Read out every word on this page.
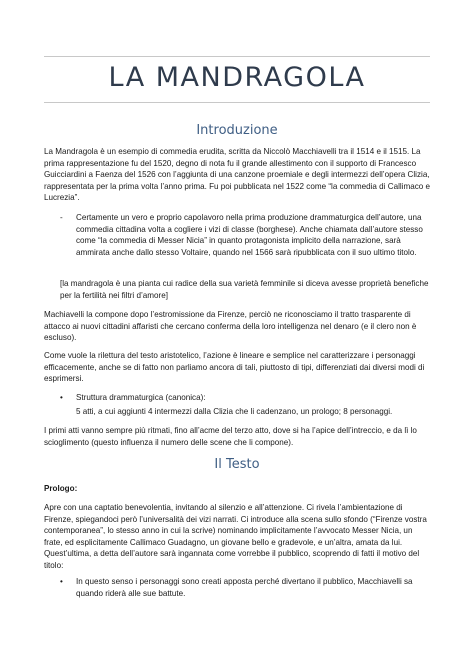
LA MANDRAGOLA
Introduzione

La Mandragola è un esempio di commedia erudita, scritta da Niccolò Macchiavelli tra il 1514 e il 1515. La prima rappresentazione fu del 1520, degno di nota fu il grande allestimento con il supporto di Francesco Guicciardini a Faenza del 1526 con l’aggiunta di una canzone proemiale e degli intermezzi dell’opera Clizia, rappresentata per la prima volta l’anno prima. Fu poi pubblicata nel 1522 come “la commedia di Callimaco e Lucrezia”.

-	Certamente un vero e proprio capolavoro nella prima produzione drammaturgica dell’autore, una commedia cittadina volta a cogliere i vizi di classe (borghese). Anche chiamata dall’autore stesso come “la commedia di Messer Nicia” in quanto protagonista implicito della narrazione, sarà ammirata anche dallo stesso Voltaire, quando nel 1566 sarà ripubblicata con il suo ultimo titolo.

[la mandragola è una pianta cui radice della sua varietà femminile si diceva avesse proprietà benefiche per la fertilità nei filtri d’amore]

Machiavelli la compone dopo l’estromissione da Firenze, perciò ne riconosciamo il tratto trasparente di attacco ai nuovi cittadini affaristi che cercano conferma della loro intelligenza nel denaro (e il clero non è escluso).

Come vuole la rilettura del testo aristotelico, l’azione è lineare e semplice nel caratterizzare i personaggi efficacemente, anche se di fatto non parliamo ancora di tali, piuttosto di tipi, differenziati dai diversi modi di esprimersi.

•	Struttura drammaturgica (canonica):
5 atti, a cui aggiunti 4 intermezzi dalla Clizia che li cadenzano, un prologo; 8 personaggi.

I primi atti vanno sempre più ritmati, fino all’acme del terzo atto, dove si ha l’apice dell’intreccio, e da lì lo scioglimento (questo influenza il numero delle scene che li compone).

Il Testo

Prologo:

Apre con una captatio benevolentia, invitando al silenzio e all’attenzione. Ci rivela l’ambientazione di Firenze, spiegandoci però l’universalità dei vizi narrati. Ci introduce alla scena sullo sfondo (“Firenze vostra contemporanea”, lo stesso anno in cui la scrive) nominando implicitamente l’avvocato Messer Nicia, un frate, ed esplicitamente Callimaco Guadagno, un giovane bello e gradevole, e un’altra, amata da lui. Quest’ultima, a detta dell’autore sarà ingannata come vorrebbe il pubblico, scoprendo di fatti il motivo del titolo:

•	In questo senso i personaggi sono creati apposta perché divertano il pubblico, Macchiavelli sa quando riderà alle sue battute.
